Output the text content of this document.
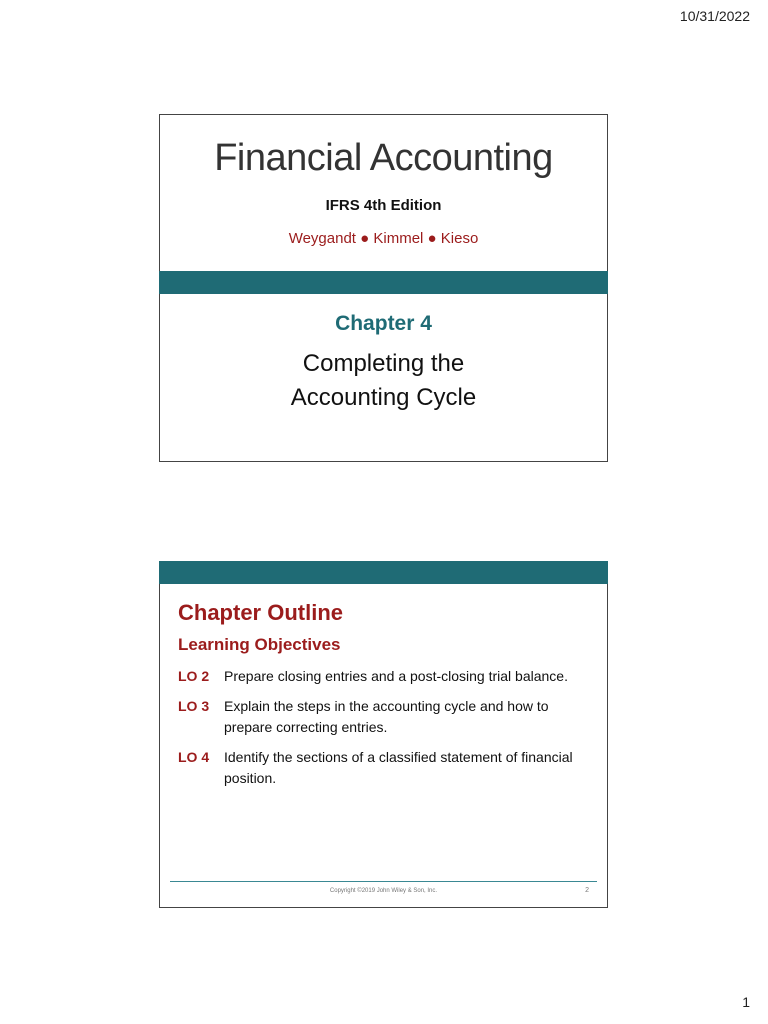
10/31/2022
Financial Accounting
IFRS 4th Edition
Weygandt ● Kimmel ● Kieso
Chapter 4
Completing the
Accounting Cycle
Chapter Outline
Learning Objectives
LO 2	Prepare closing entries and a post-closing trial balance.
LO 3	Explain the steps in the accounting cycle and how to prepare correcting entries.
LO 4	Identify the sections of a classified statement of financial position.
Copyright ©2019 John Wiley & Son, Inc.	2
1
